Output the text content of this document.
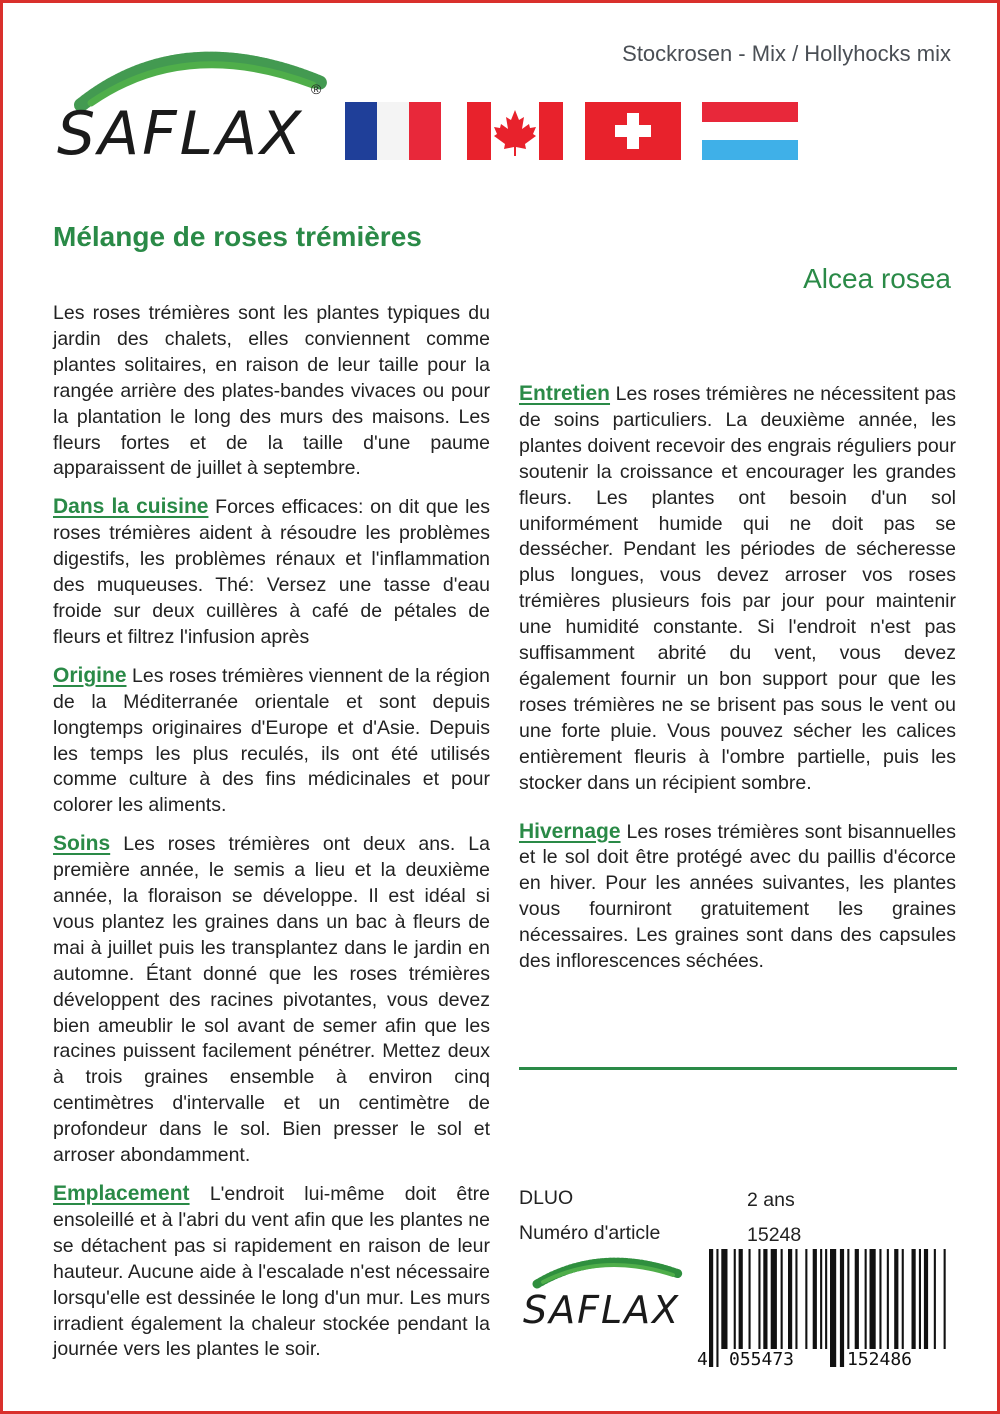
SAFLAX
®
Stockrosen - Mix / Hollyhocks mix
Mélange de roses trémières
Alcea rosea

Les roses trémières sont les plantes typiques du jardin des chalets, elles conviennent comme plantes solitaires, en raison de leur taille pour la rangée arrière des plates-bandes vivaces ou pour la plantation le long des murs des maisons. Les fleurs fortes et de la taille d'une paume apparaissent de juillet à septembre.

Dans la cuisine Forces efficaces: on dit que les roses trémières aident à résoudre les problèmes digestifs, les problèmes rénaux et l'inflammation des muqueuses. Thé: Versez une tasse d'eau froide sur deux cuillères à café de pétales de fleurs et filtrez l'infusion après

Origine Les roses trémières viennent de la région de la Méditerranée orientale et sont depuis longtemps originaires d'Europe et d'Asie. Depuis les temps les plus reculés, ils ont été utilisés comme culture à des fins médicinales et pour colorer les aliments.

Soins Les roses trémières ont deux ans. La première année, le semis a lieu et la deuxième année, la floraison se développe. Il est idéal si vous plantez les graines dans un bac à fleurs de mai à juillet puis les transplantez dans le jardin en automne. Étant donné que les roses trémières développent des racines pivotantes, vous devez bien ameublir le sol avant de semer afin que les racines puissent facilement pénétrer. Mettez deux à trois graines ensemble à environ cinq centimètres d'intervalle et un centimètre de profondeur dans le sol. Bien presser le sol et arroser abondamment.

Emplacement L'endroit lui-même doit être ensoleillé et à l'abri du vent afin que les plantes ne se détachent pas si rapidement en raison de leur hauteur. Aucune aide à l'escalade n'est nécessaire lorsqu'elle est dessinée le long d'un mur. Les murs irradient également la chaleur stockée pendant la journée vers les plantes le soir.

Entretien Les roses trémières ne nécessitent pas de soins particuliers. La deuxième année, les plantes doivent recevoir des engrais réguliers pour soutenir la croissance et encourager les grandes fleurs. Les plantes ont besoin d'un sol uniformément humide qui ne doit pas se dessécher. Pendant les périodes de sécheresse plus longues, vous devez arroser vos roses trémières plusieurs fois par jour pour maintenir une humidité constante. Si l'endroit n'est pas suffisamment abrité du vent, vous devez également fournir un bon support pour que les roses trémières ne se brisent pas sous le vent ou une forte pluie. Vous pouvez sécher les calices entièrement fleuris à l'ombre partielle, puis les stocker dans un récipient sombre.

Hivernage Les roses trémières sont bisannuelles et le sol doit être protégé avec du paillis d'écorce en hiver. Pour les années suivantes, les plantes vous fourniront gratuitement les graines nécessaires. Les graines sont dans des capsules des inflorescences séchées.

DLUO	2 ans
Numéro d'article	15248
SAFLAX
4 055473	152486
